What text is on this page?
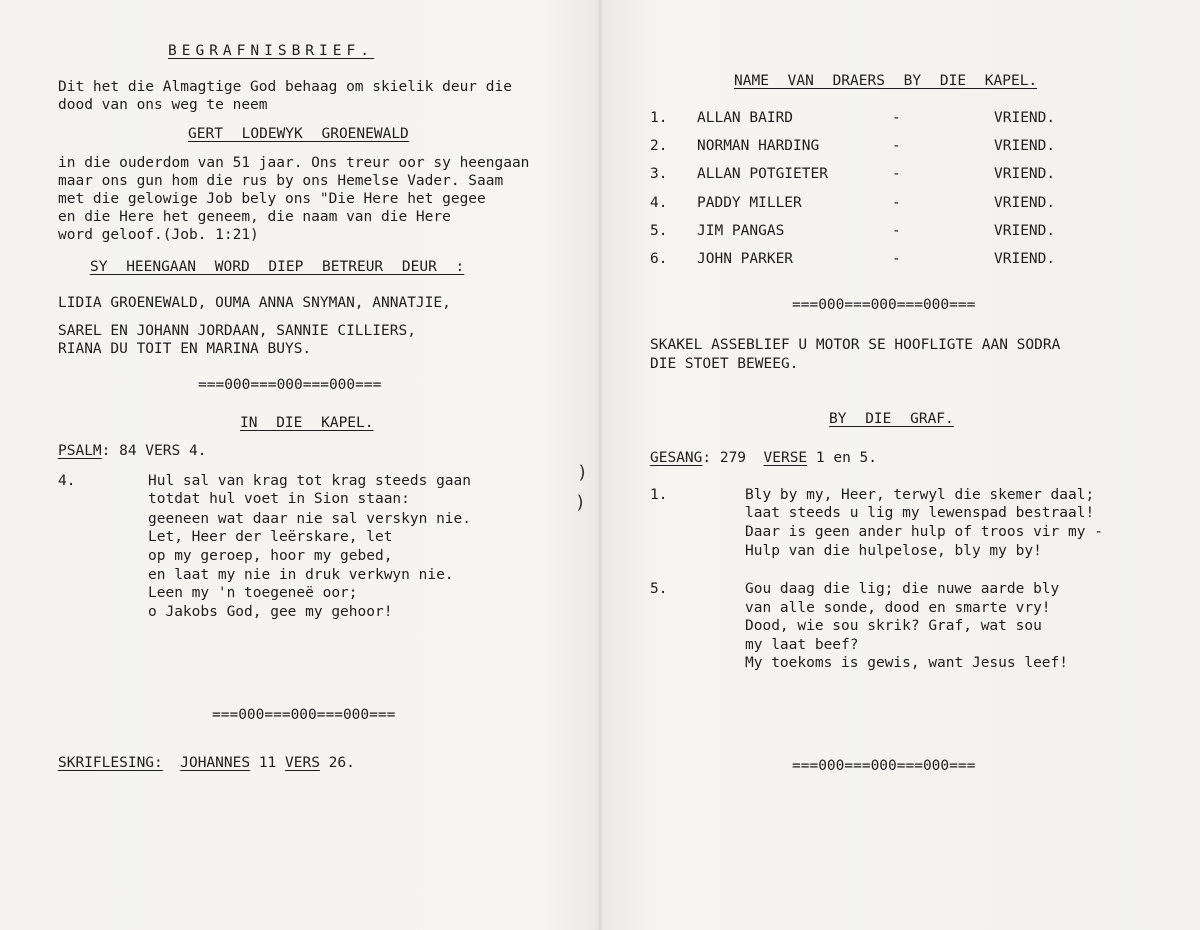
BEGRAFNISBRIEF.

Dit het die Almagtige God behaag om skielik deur die

dood van ons weg te neem

GERT LODEWYK GROENEWALD

in die ouderdom van 51 jaar. Ons treur oor sy heengaan

maar ons gun hom die rus by ons Hemelse Vader. Saam

met die gelowige Job bely ons "Die Here het gegee

en die Here het geneem, die naam van die Here

word geloof.(Job. 1:21)

SY HEENGAAN WORD DIEP BETREUR DEUR :

LIDIA GROENEWALD, OUMA ANNA SNYMAN, ANNATJIE,

SAREL EN JOHANN JORDAAN, SANNIE CILLIERS,

RIANA DU TOIT EN MARINA BUYS.

===000===000===000===

IN DIE KAPEL.

PSALM: 84 VERS 4.

4.	Hul sal van krag tot krag steeds gaan

totdat hul voet in Sion staan:

geeneen wat daar nie sal verskyn nie.

Let, Heer der leërskare, let

op my geroep, hoor my gebed,

en laat my nie in druk verkwyn nie.

Leen my 'n toegeneë oor;

o Jakobs God, gee my gehoor!

===000===000===000===

SKRIFLESING: JOHANNES 11 VERS 26.

)
)

NAME VAN DRAERS BY DIE KAPEL.

1. ALLAN BAIRD	-	VRIEND.
2. NORMAN HARDING	-	VRIEND.
3. ALLAN POTGIETER	-	VRIEND.
4. PADDY MILLER	-	VRIEND.
5. JIM PANGAS	-	VRIEND.
6. JOHN PARKER	-	VRIEND.

===000===000===000===

SKAKEL ASSEBLIEF U MOTOR SE HOOFLIGTE AAN SODRA

DIE STOET BEWEEG.

BY DIE GRAF.

GESANG: 279 VERSE 1 en 5.

1.	Bly by my, Heer, terwyl die skemer daal;

laat steeds u lig my lewenspad bestraal!

Daar is geen ander hulp of troos vir my -

Hulp van die hulpelose, bly my by!

5.	Gou daag die lig; die nuwe aarde bly

van alle sonde, dood en smarte vry!

Dood, wie sou skrik? Graf, wat sou

my laat beef?

My toekoms is gewis, want Jesus leef!

===000===000===000===
